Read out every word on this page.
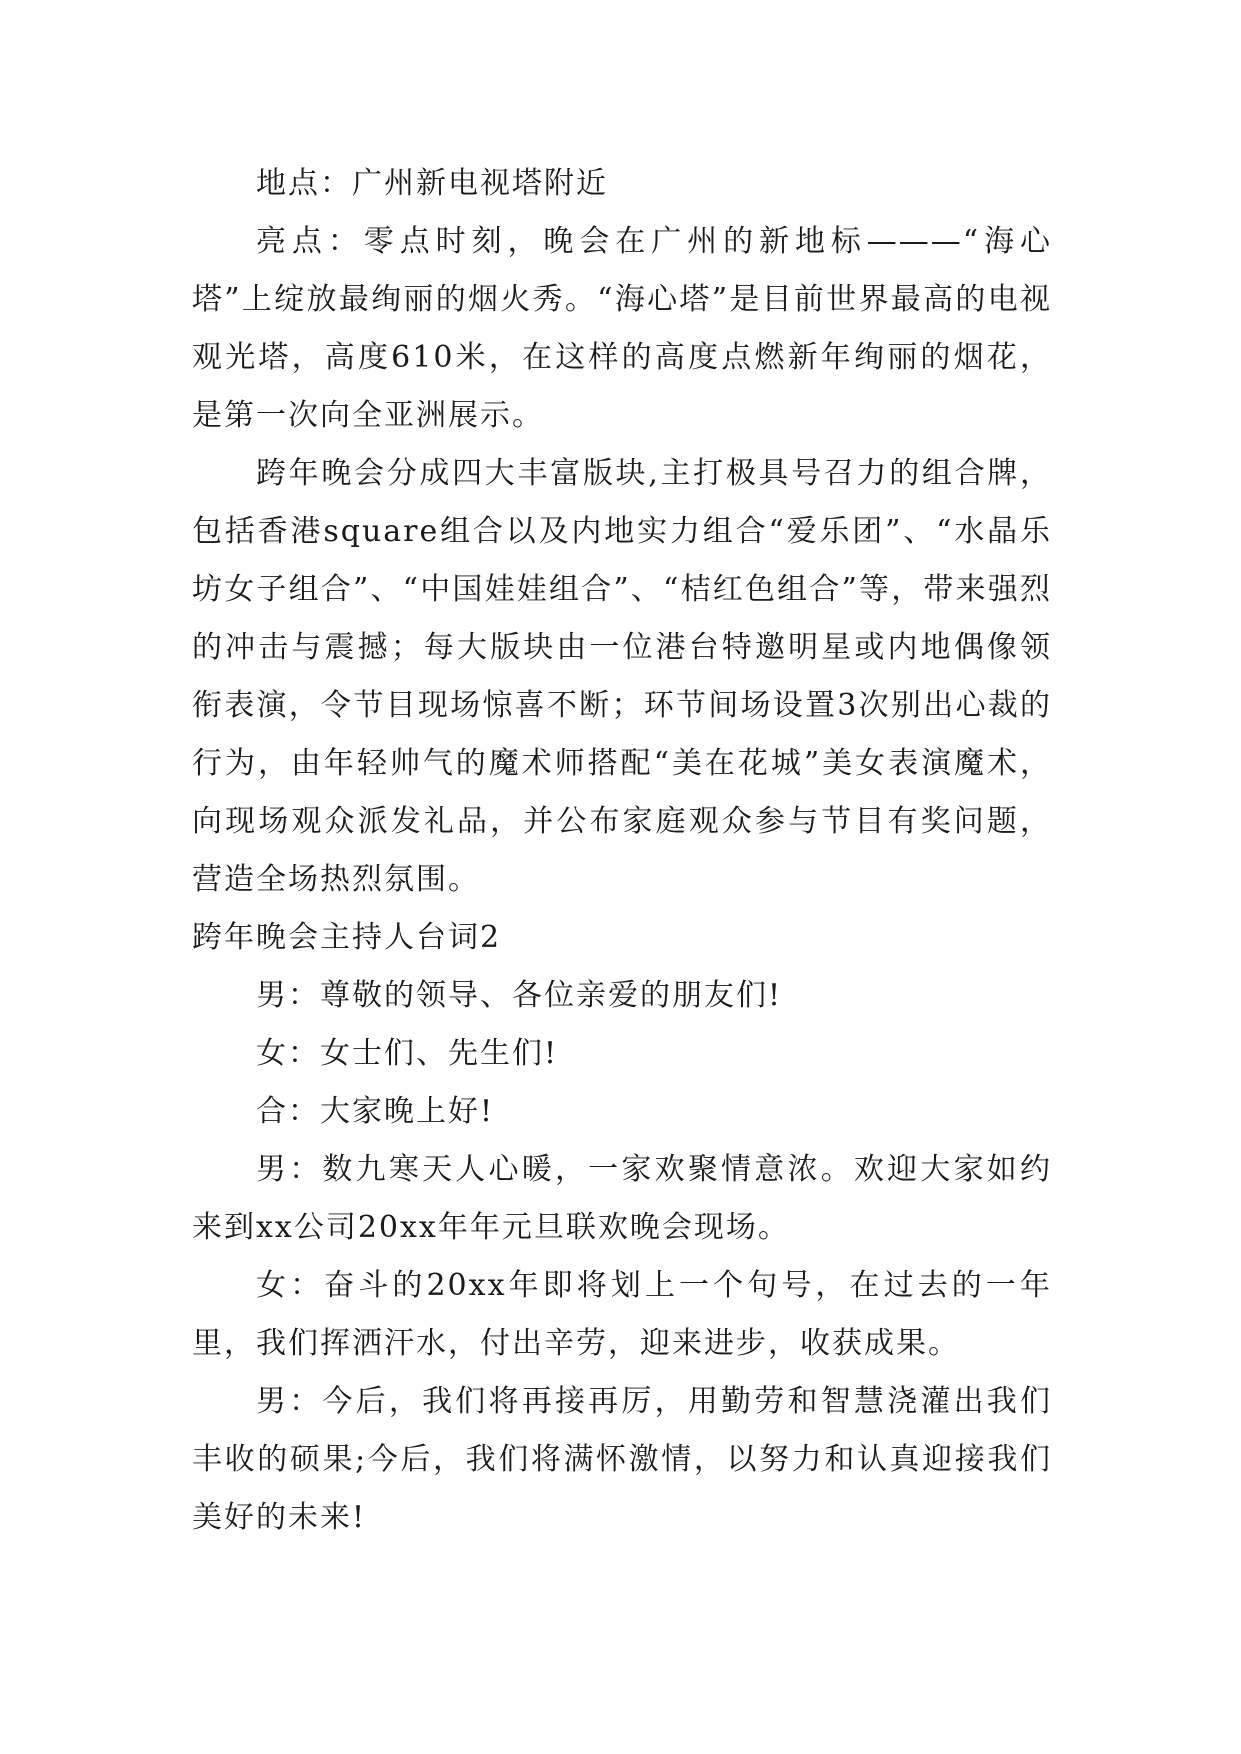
地点：广州新电视塔附近

亮点：零点时刻，晚会在广州的新地标———“海心塔”上绽放最绚丽的烟火秀。“海心塔”是目前世界最高的电视观光塔，高度610米，在这样的高度点燃新年绚丽的烟花，是第一次向全亚洲展示。

跨年晚会分成四大丰富版块,主打极具号召力的组合牌，包括香港square组合以及内地实力组合“爱乐团”、“水晶乐坊女子组合”、“中国娃娃组合”、“桔红色组合”等，带来强烈的冲击与震撼；每大版块由一位港台特邀明星或内地偶像领衔表演，令节目现场惊喜不断；环节间场设置3次别出心裁的行为，由年轻帅气的魔术师搭配“美在花城”美女表演魔术，向现场观众派发礼品，并公布家庭观众参与节目有奖问题，营造全场热烈氛围。

跨年晚会主持人台词2

男：尊敬的领导、各位亲爱的朋友们!

女：女士们、先生们!

合：大家晚上好!

男：数九寒天人心暖，一家欢聚情意浓。欢迎大家如约来到xx公司20xx年年元旦联欢晚会现场。

女：奋斗的20xx年即将划上一个句号，在过去的一年里，我们挥洒汗水，付出辛劳，迎来进步，收获成果。

男：今后，我们将再接再厉，用勤劳和智慧浇灌出我们丰收的硕果;今后，我们将满怀激情，以努力和认真迎接我们美好的未来!
